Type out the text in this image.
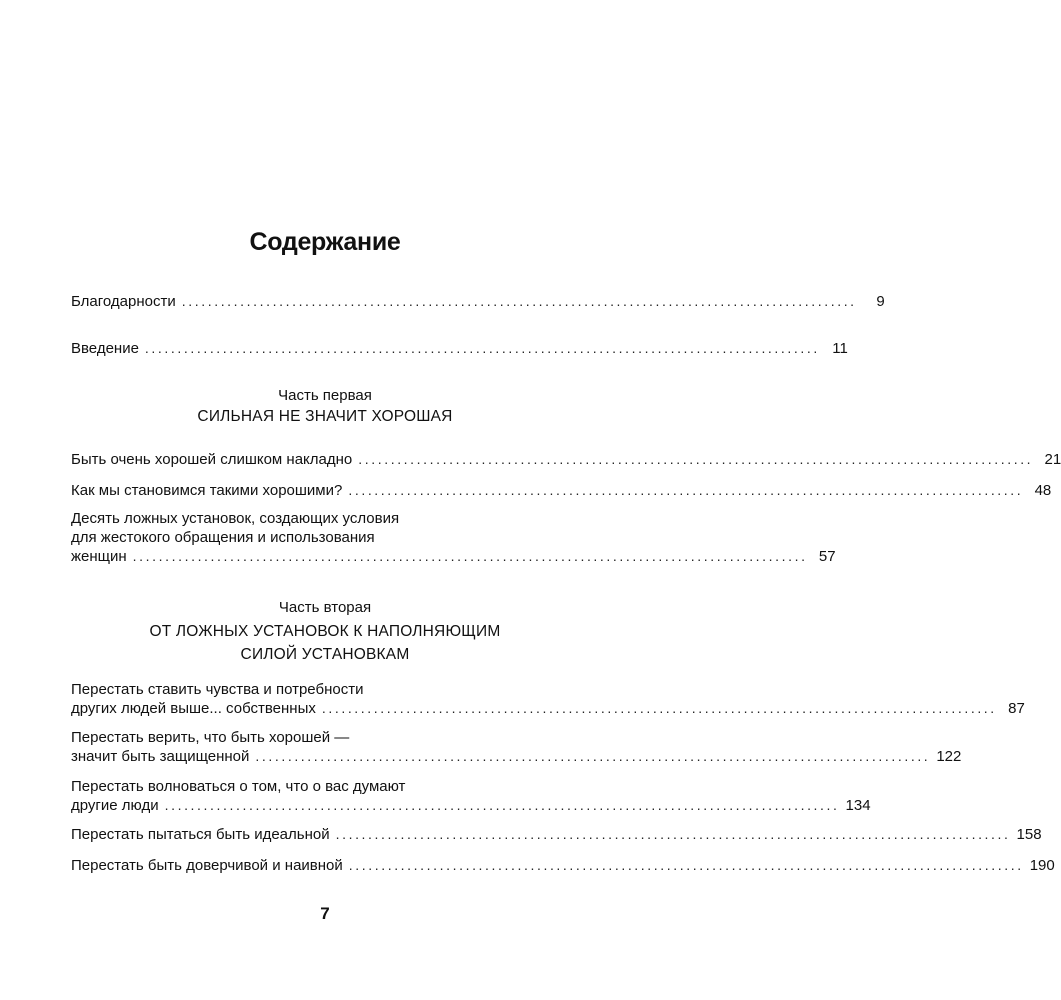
Содержание
Благодарности ........................................................................................................	9
Введение ........................................................................................................ 11
Быть очень хорошей слишком накладно ........................................................................................................ 21
Как мы становимся такими хорошими? ........................................................................................................ 48
Десять ложных установок, создающих условия
для жестокого обращения и использования
женщин ........................................................................................................ 57
Перестать ставить чувства и потребности
других людей выше... собственных ........................................................................................................ 87
Перестать верить, что быть хорошей —
значит быть защищенной ........................................................................................................ 122
Перестать волноваться о том, что о вас думают
другие люди ........................................................................................................ 134
Перестать пытаться быть идеальной ........................................................................................................ 158
Перестать быть доверчивой и наивной ........................................................................................................ 190
Часть первая
СИЛЬНАЯ НЕ ЗНАЧИТ ХОРОШАЯ
Часть вторая
ОТ ЛОЖНЫХ УСТАНОВОК К НАПОЛНЯЮЩИМ
СИЛОЙ УСТАНОВКАМ
7
